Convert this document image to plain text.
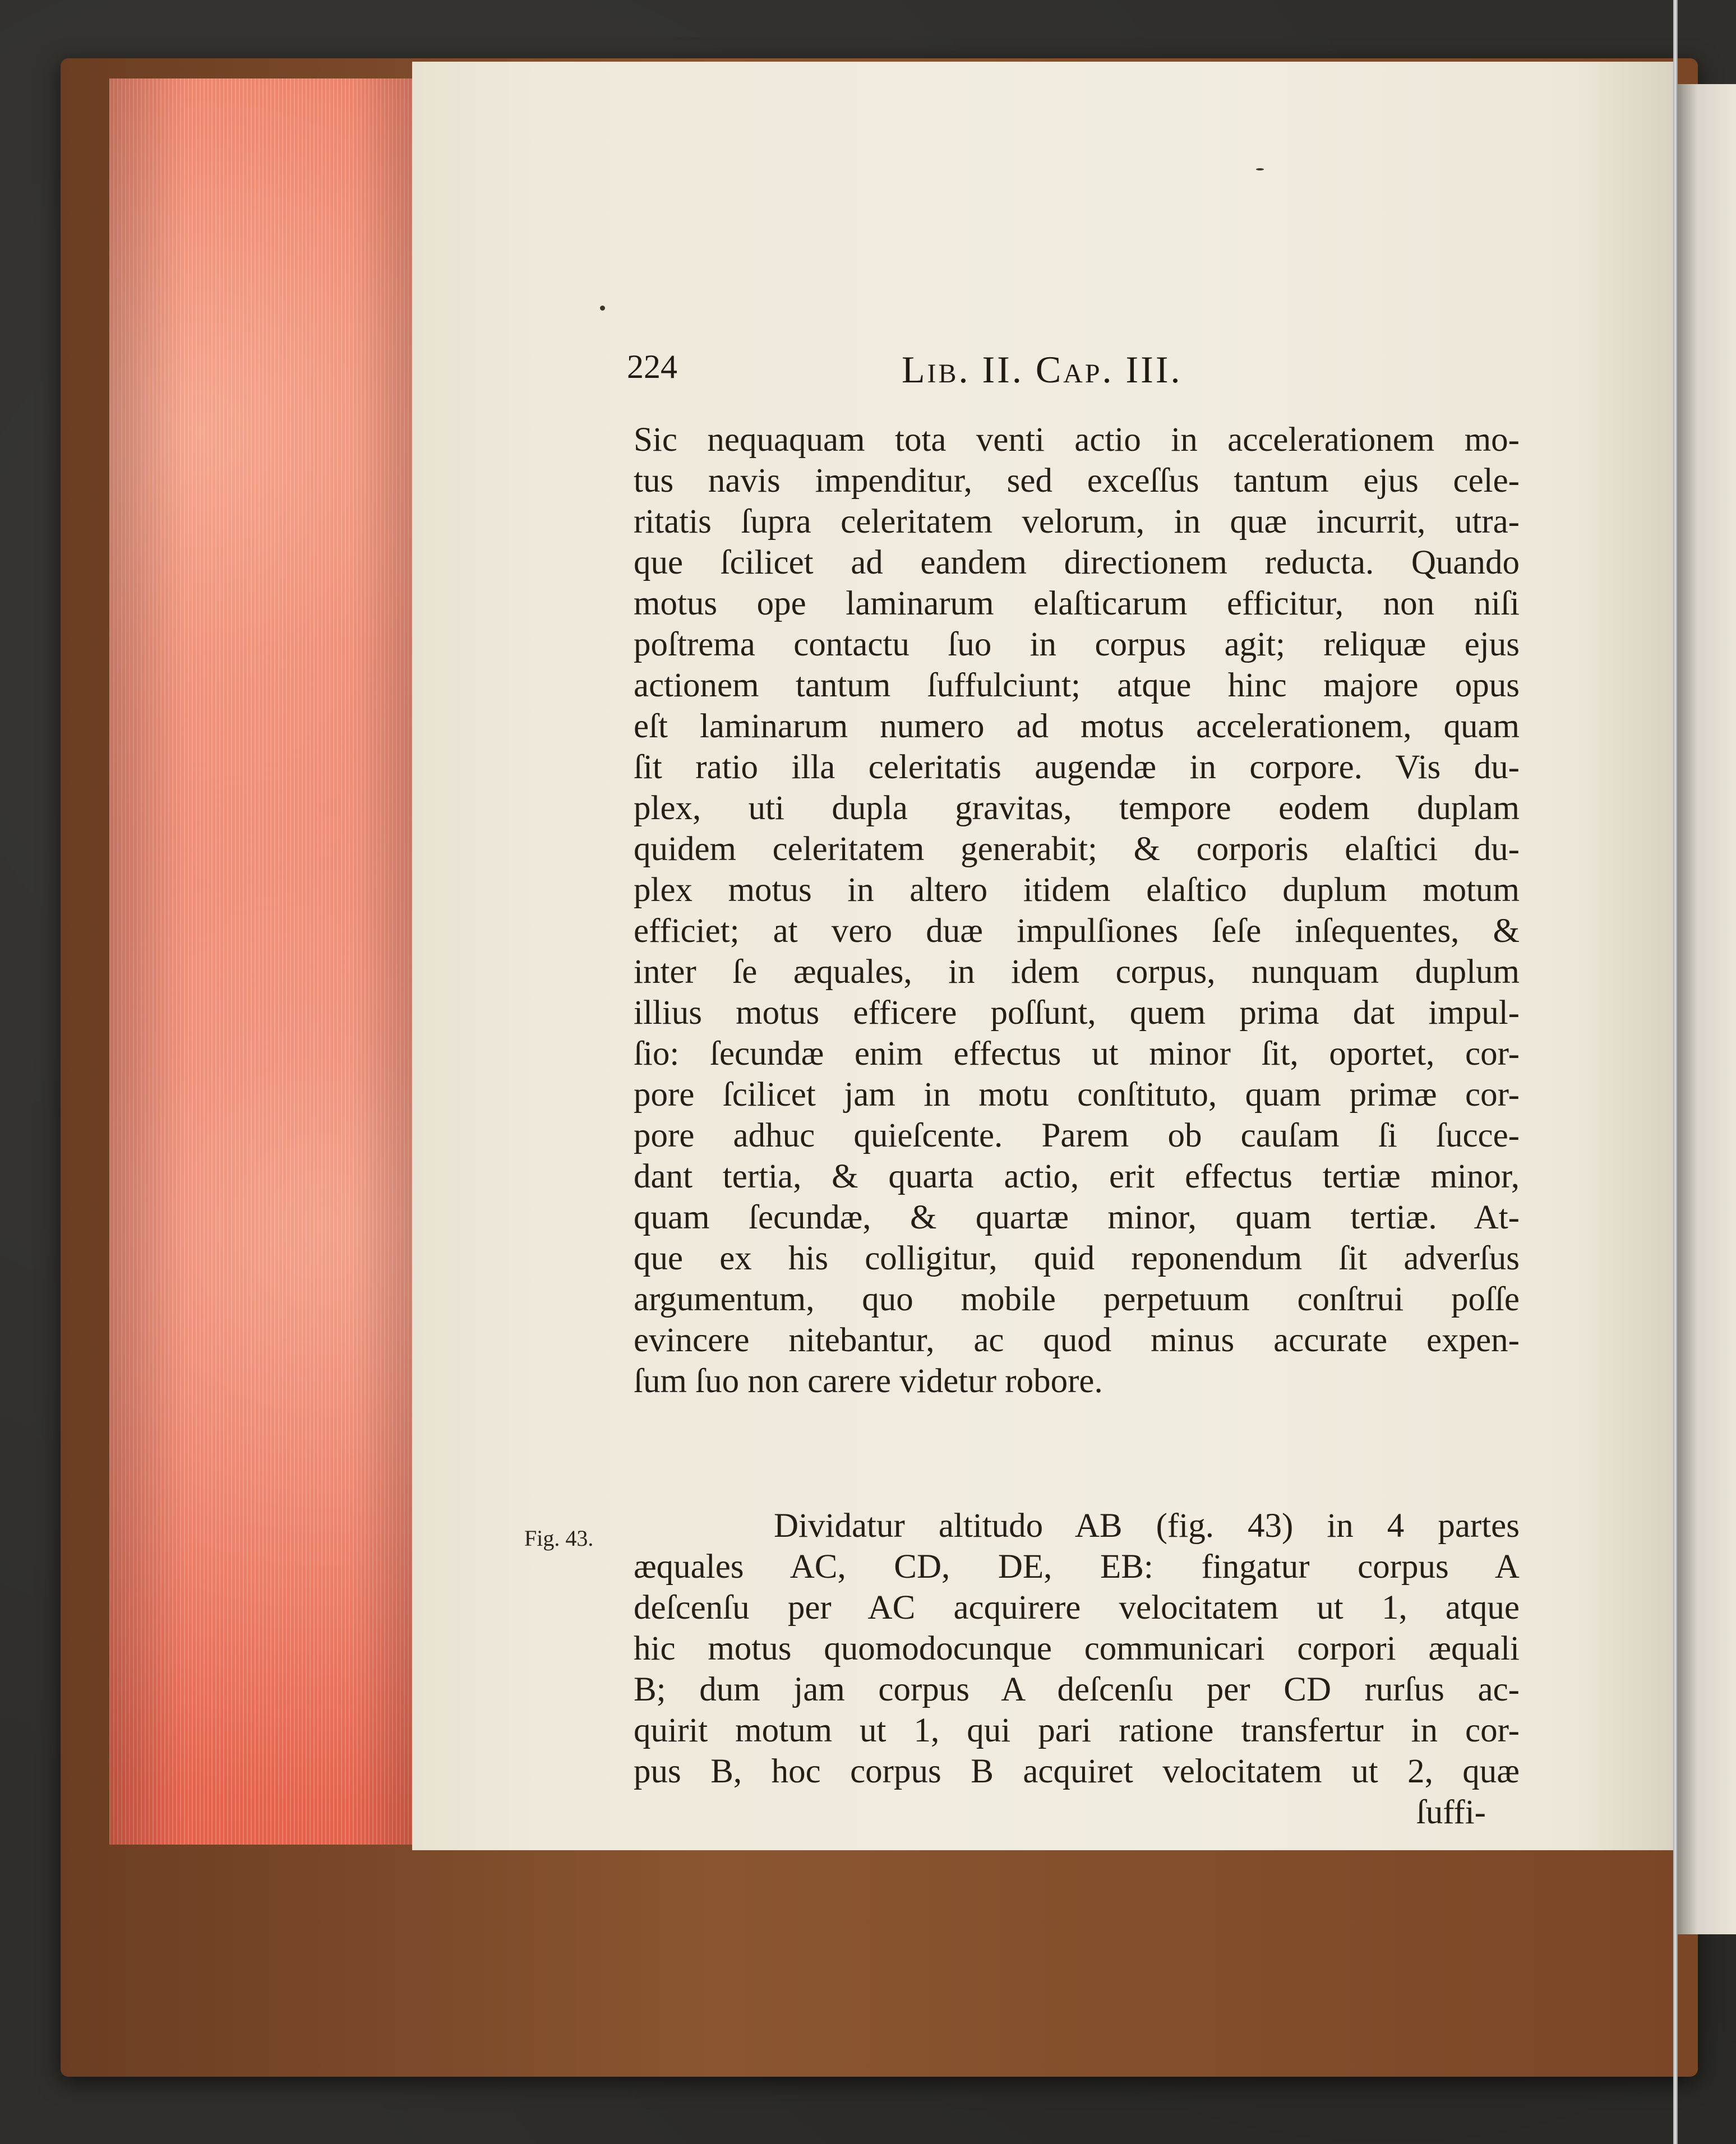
224	Lib. II. Cap. III.
Sic nequaquam tota venti actio in accelerationem mo-
tus navis impenditur, sed exceſſus tantum ejus cele-
ritatis ſupra celeritatem velorum, in quæ incurrit, utra-
que ſcilicet ad eandem directionem reducta. Quando
motus ope laminarum elaſticarum efficitur, non niſi
poſtrema contactu ſuo in corpus agit; reliquæ ejus
actionem tantum ſuffulciunt; atque hinc majore opus
eſt laminarum numero ad motus accelerationem, quam
ſit ratio illa celeritatis augendæ in corpore. Vis du-
plex, uti dupla gravitas, tempore eodem duplam
quidem celeritatem generabit; & corporis elaſtici du-
plex motus in altero itidem elaſtico duplum motum
efficiet; at vero duæ impulſiones ſeſe inſequentes, &
inter ſe æquales, in idem corpus, nunquam duplum
illius motus efficere poſſunt, quem prima dat impul-
ſio: ſecundæ enim effectus ut minor ſit, oportet, cor-
pore ſcilicet jam in motu conſtituto, quam primæ cor-
pore adhuc quieſcente. Parem ob cauſam ſi ſucce-
dant tertia, & quarta actio, erit effectus tertiæ minor,
quam ſecundæ, & quartæ minor, quam tertiæ. At-
que ex his colligitur, quid reponendum ſit adverſus
argumentum, quo mobile perpetuum conſtrui poſſe
evincere nitebantur, ac quod minus accurate expen-
ſum ſuo non carere videtur robore.
Fig. 43.	Dividatur altitudo AB (fig. 43) in 4 partes
æquales AC, CD, DE, EB: fingatur corpus A
deſcenſu per AC acquirere velocitatem ut 1, atque
hic motus quomodocunque communicari corpori æquali
B; dum jam corpus A deſcenſu per CD rurſus ac-
quirit motum ut 1, qui pari ratione transfertur in cor-
pus B, hoc corpus B acquiret velocitatem ut 2, quæ
ſuffi-
